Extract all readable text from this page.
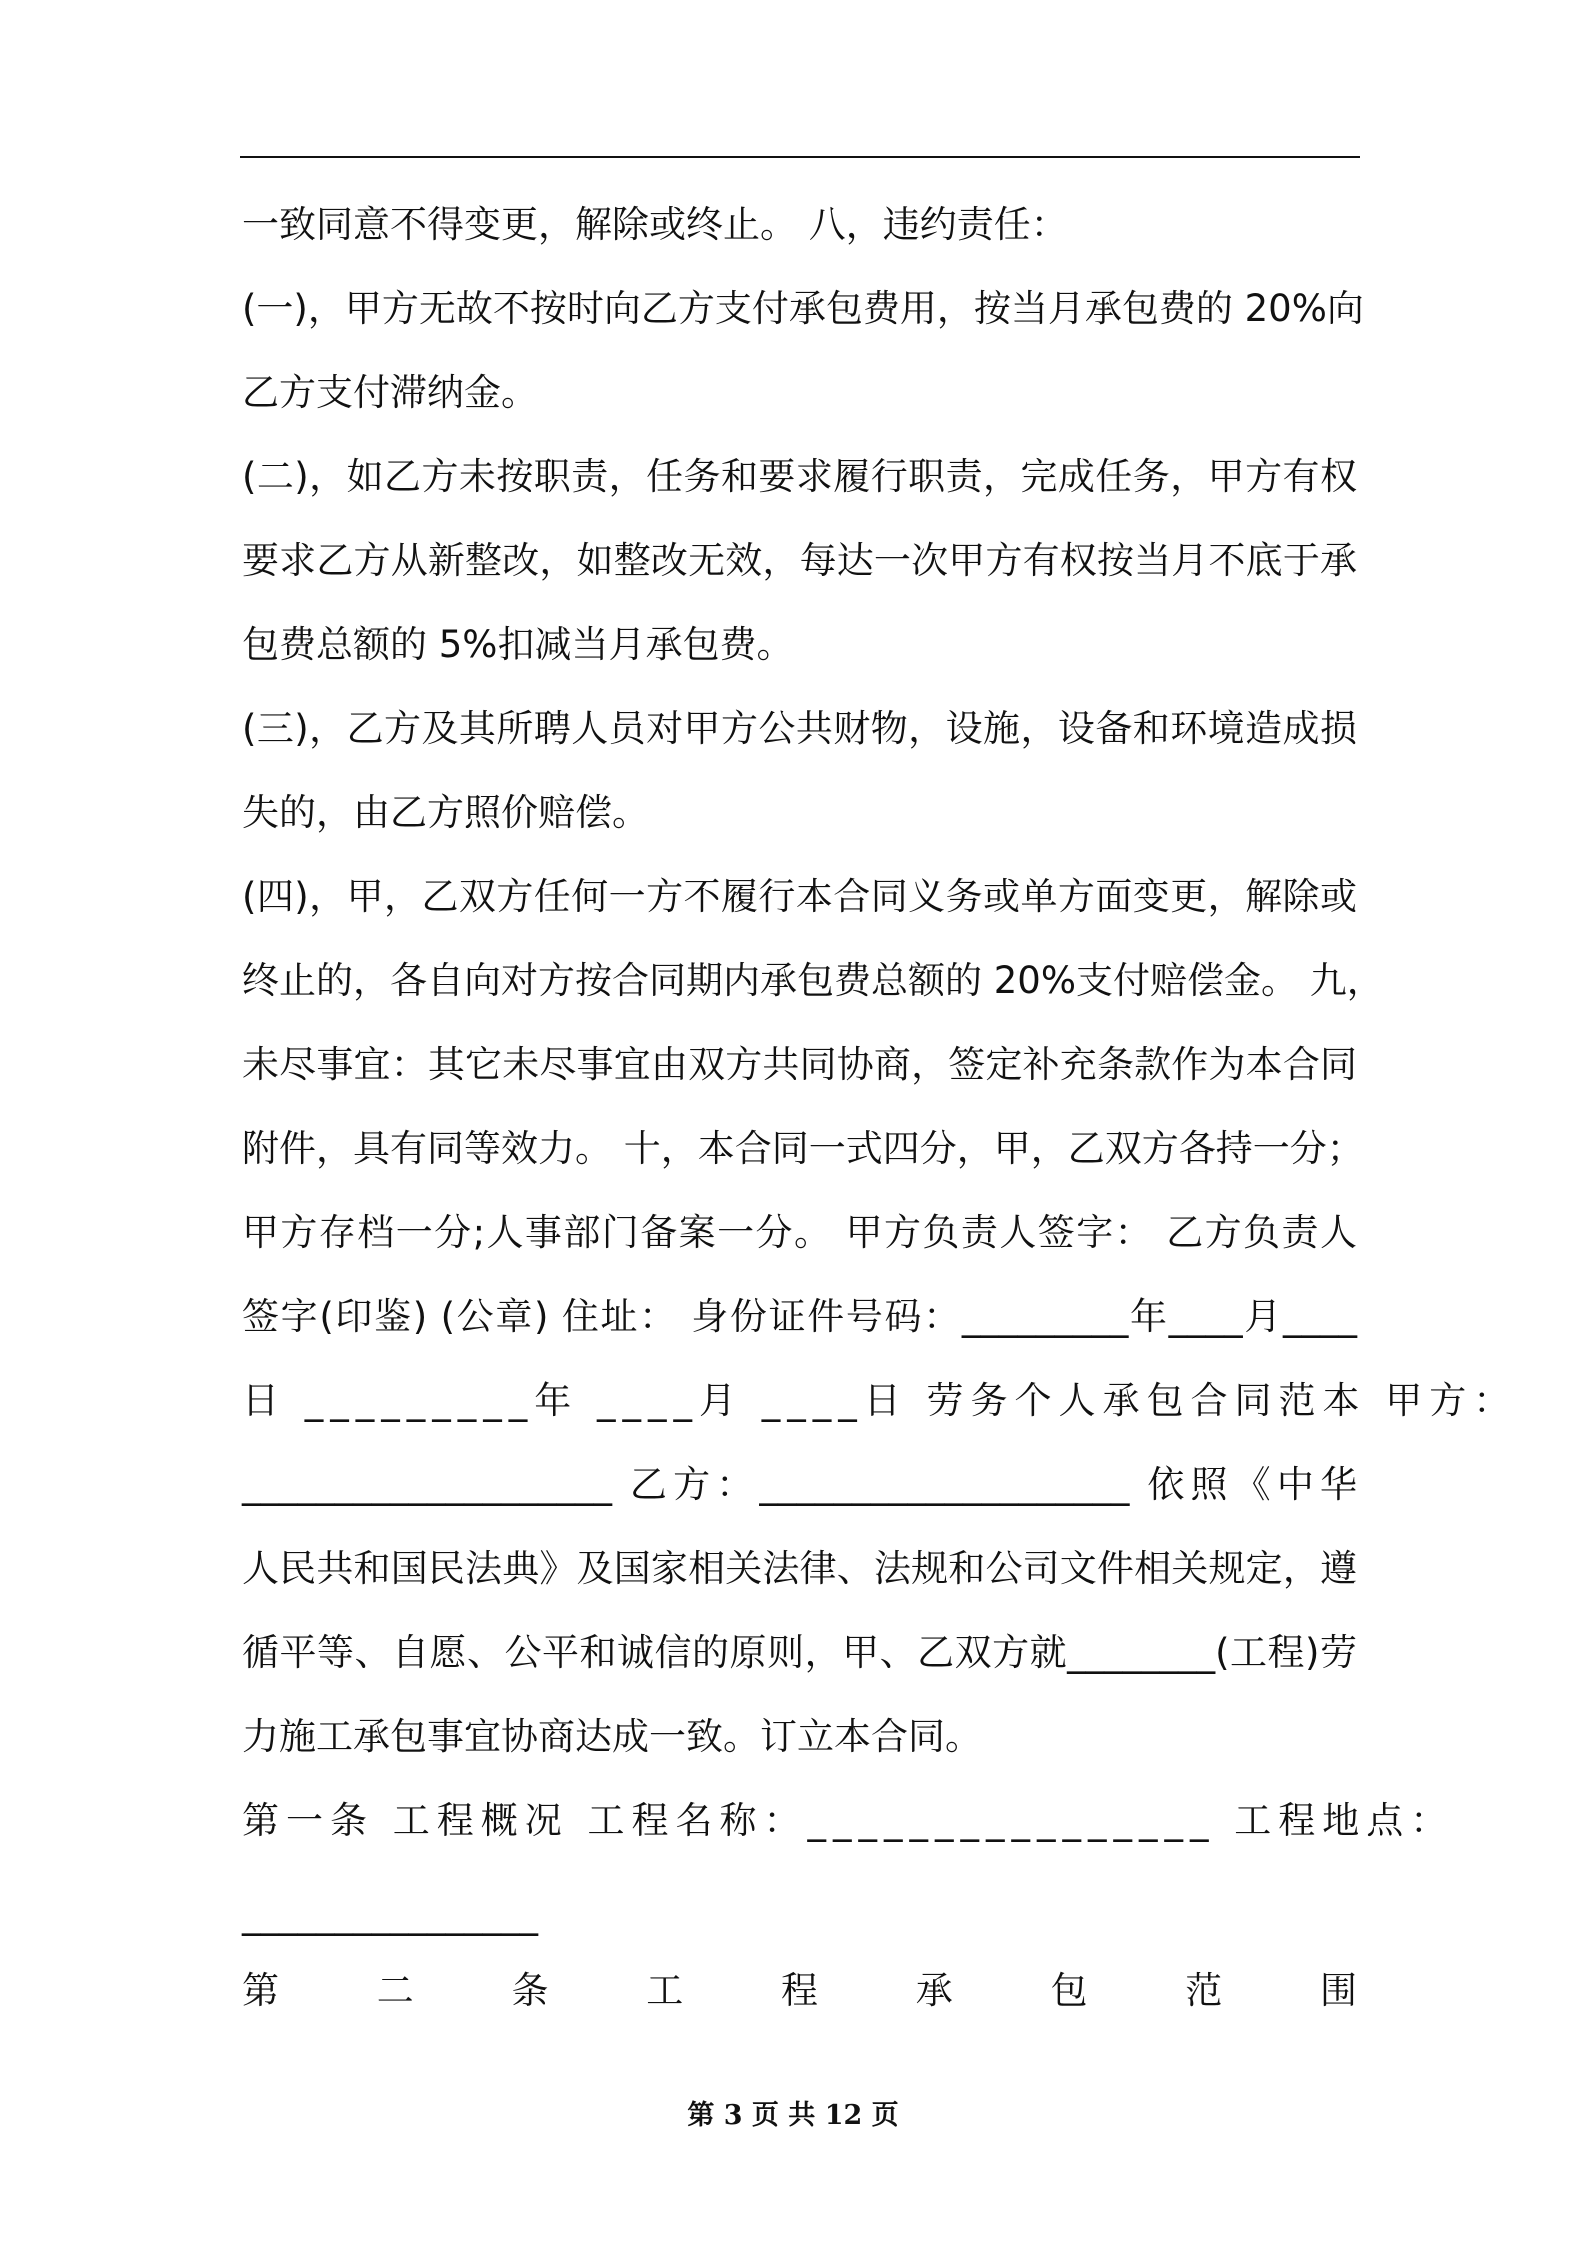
一致同意不得变更，解除或终止。 八，违约责任：
(一)，甲方无故不按时向乙方支付承包费用，按当月承包费的 20%向
乙方支付滞纳金。
(二)，如乙方未按职责，任务和要求履行职责，完成任务，甲方有权
要求乙方从新整改，如整改无效，每达一次甲方有权按当月不底于承
包费总额的 5%扣减当月承包费。
(三)，乙方及其所聘人员对甲方公共财物，设施，设备和环境造成损
失的，由乙方照价赔偿。
(四)，甲，乙双方任何一方不履行本合同义务或单方面变更，解除或
终止的，各自向对方按合同期内承包费总额的 20%支付赔偿金。 九，
未尽事宜：其它未尽事宜由双方共同协商，签定补充条款作为本合同
附件，具有同等效力。 十，本合同一式四分，甲，乙双方各持一分；
甲方存档一分;人事部门备案一分。 甲方负责人签字： 乙方负责人
签字(印鉴) (公章) 住址： 身份证件号码：_________年____月____
日 _________年 ____月 ____日 劳务个人承包合同范本 甲方：
____________________ 乙方：____________________ 依照《中华
人民共和国民法典》及国家相关法律、法规和公司文件相关规定，遵
循平等、自愿、公平和诚信的原则，甲、乙双方就________(工程)劳
力施工承包事宜协商达成一致。订立本合同。
第一条 工程概况 工程名称：________________ 工程地点：
________________
第	二	条	工	程	承	包	范	围
第 3 页 共 12 页
